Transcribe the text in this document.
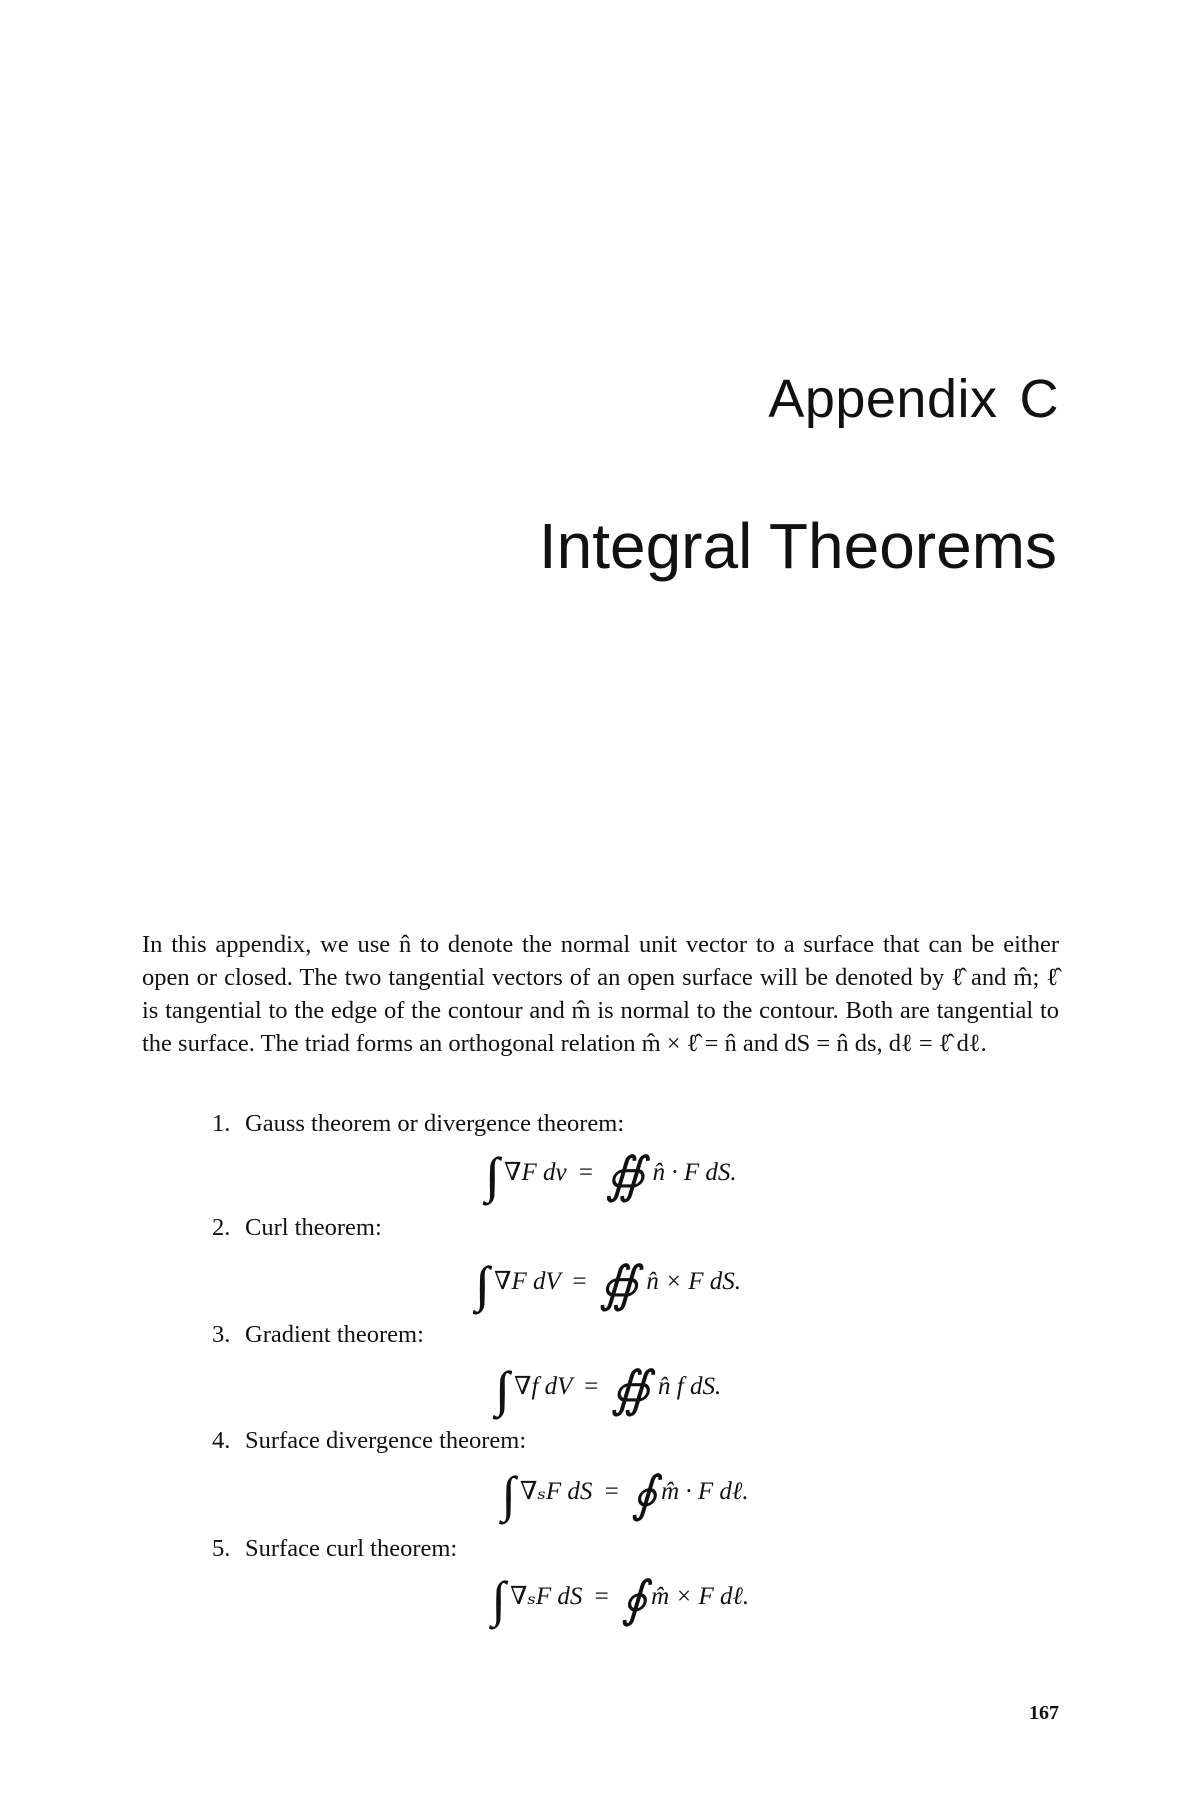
Appendix C
Integral Theorems

In this appendix, we use n̂ to denote the normal unit vector to a surface that can be either open or closed. The two tangential vectors of an open surface will be denoted by ℓ̂ and m̂; ℓ̂ is tangential to the edge of the contour and m̂ is normal to the contour. Both are tangential to the surface. The triad forms an orthogonal relation m̂ × ℓ̂ = n̂ and dS = n̂ ds, dℓ = ℓ̂ dℓ.

1. Gauss theorem or divergence theorem:
∇F dv = ∯ n̂ · F dS.
2. Curl theorem:
∇F dV = ∯ n̂ × F dS.
3. Gradient theorem:
∇f dV = ∯ n̂ f dS.
4. Surface divergence theorem:
∇ₛF dS = ∮ m̂ · F dℓ.
5. Surface curl theorem:
∇ₛF dS = ∮ m̂ × F dℓ.
167
